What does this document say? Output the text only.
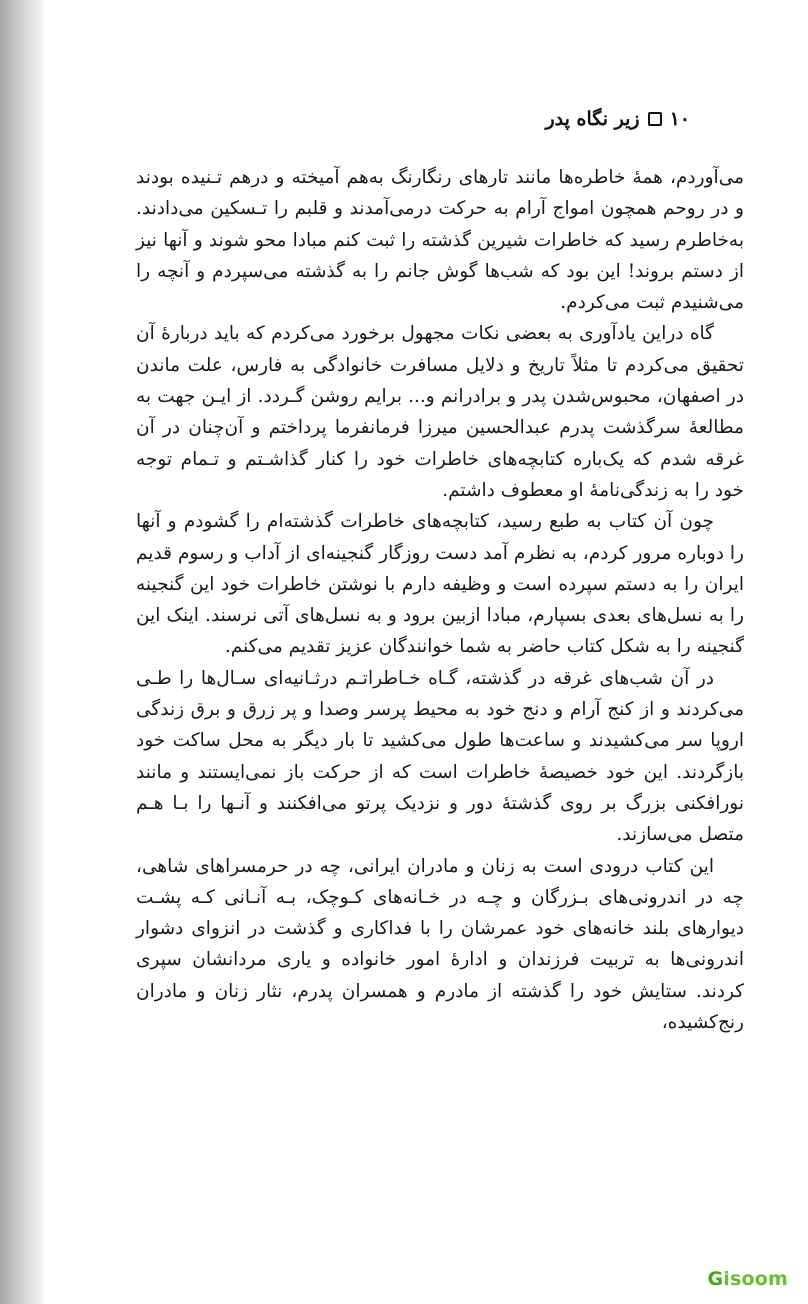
۱۰
زیر نگاه پدر

می‌آوردم، همهٔ خاطره‌ها مانند تارهای رنگارنگ به‌هم آمیخته و درهم تـنیده بودند و در روحم همچون امواج آرام به حرکت درمی‌آمدند و قلبم را تـسکین می‌دادند. به‌خاطرم رسید که خاطرات شیرین گذشته را ثبت کنم مبادا محو شوند و آنها نیز از دستم بروند! این بود که شب‌ها گوش جانم را به گذشته می‌سپردم و آنچه را می‌شنیدم ثبت می‌کردم.

گاه دراین یادآوری به بعضی نکات مجهول برخورد می‌کردم که باید دربارهٔ آن تحقیق می‌کردم تا مثلاً تاریخ و دلایل مسافرت خانوادگی به فارس، علت ماندن در اصفهان، محبوس‌شدن پدر و برادرانم و... برایم روشن گـردد. از ایـن جهت به مطالعهٔ سرگذشت پدرم عبدالحسین میرزا فرمانفرما پرداختم و آن‌چنان در آن غرقه شدم که یک‌باره کتابچه‌های خاطرات خود را کنار گذاشـتم و تـمام توجه خود را به زندگی‌نامهٔ او معطوف داشتم.

چون آن کتاب به طبع رسید، کتابچه‌های خاطرات گذشته‌ام را گشودم و آنها را دوباره مرور کردم، به نظرم آمد دست روزگار گنجینه‌ای از آداب و رسوم قدیم ایران را به دستم سپرده است و وظیفه دارم با نوشتن خاطرات خود این گنجینه را به نسل‌های بعدی بسپارم، مبادا ازبین برود و به نسل‌های آتی نرسند. اینک این گنجینه را به شکل کتاب حاضر به شما خوانندگان عزیز تقدیم می‌کنم.

در آن شب‌های غرقه در گذشته، گـاه خـاطراتـم درثـانیه‌ای سـال‌ها را طـی می‌کردند و از کنج آرام و دنج خود به محیط پرسر وصدا و پر زرق و برق زندگی اروپا سر می‌کشیدند و ساعت‌ها طول می‌کشید تا بار دیگر به محل ساکت خود بازگردند. این خود خصیصهٔ خاطرات است که از حرکت باز نمی‌ایستند و مانند نورافکنی بزرگ بر روی گذشتهٔ دور و نزدیک پرتو می‌افکنند و آنـها را بـا هـم متصل می‌سازند.

این کتاب درودی است به زنان و مادران ایرانی، چه در حرمسراهای شاهی، چه در اندرونی‌های بـزرگان و چـه در خـانه‌های کـوچک، بـه آنـانی کـه پشـت دیوارهای بلند خانه‌های خود عمرشان را با فداکاری و گذشت در انزوای دشوار اندرونی‌ها به تربیت فرزندان و ادارهٔ امور خانواده و یاری مردانشان سپری کردند. ستایش خود را گذشته از مادرم و همسران پدرم، نثار زنان و مادران رنج‌کشیده،

Gisoom
